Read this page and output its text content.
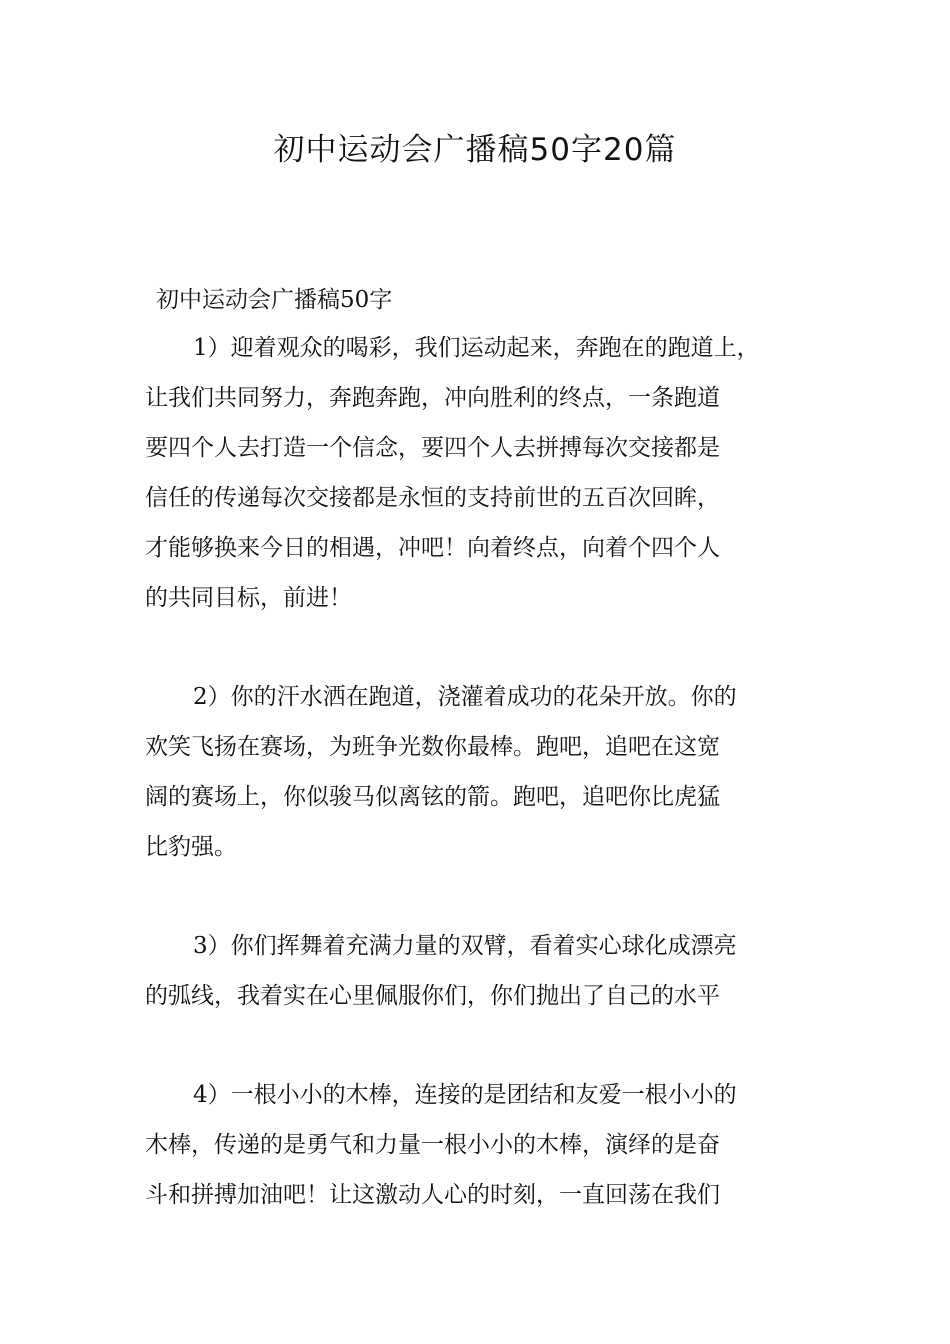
初中运动会广播稿50字20篇

初中运动会广播稿50字

1）迎着观众的喝彩，我们运动起来，奔跑在的跑道上，
让我们共同努力，奔跑奔跑，冲向胜利的终点，一条跑道
要四个人去打造一个信念，要四个人去拼搏每次交接都是
信任的传递每次交接都是永恒的支持前世的五百次回眸，
才能够换来今日的相遇，冲吧！向着终点，向着个四个人
的共同目标，前进！
2）你的汗水洒在跑道，浇灌着成功的花朵开放。你的
欢笑飞扬在赛场，为班争光数你最棒。跑吧，追吧在这宽
阔的赛场上，你似骏马似离铉的箭。跑吧，追吧你比虎猛
比豹强。
3）你们挥舞着充满力量的双臂，看着实心球化成漂亮
的弧线，我着实在心里佩服你们，你们抛出了自己的水平
4）一根小小的木棒，连接的是团结和友爱一根小小的
木棒，传递的是勇气和力量一根小小的木棒，演绎的是奋
斗和拼搏加油吧！让这激动人心的时刻，一直回荡在我们
